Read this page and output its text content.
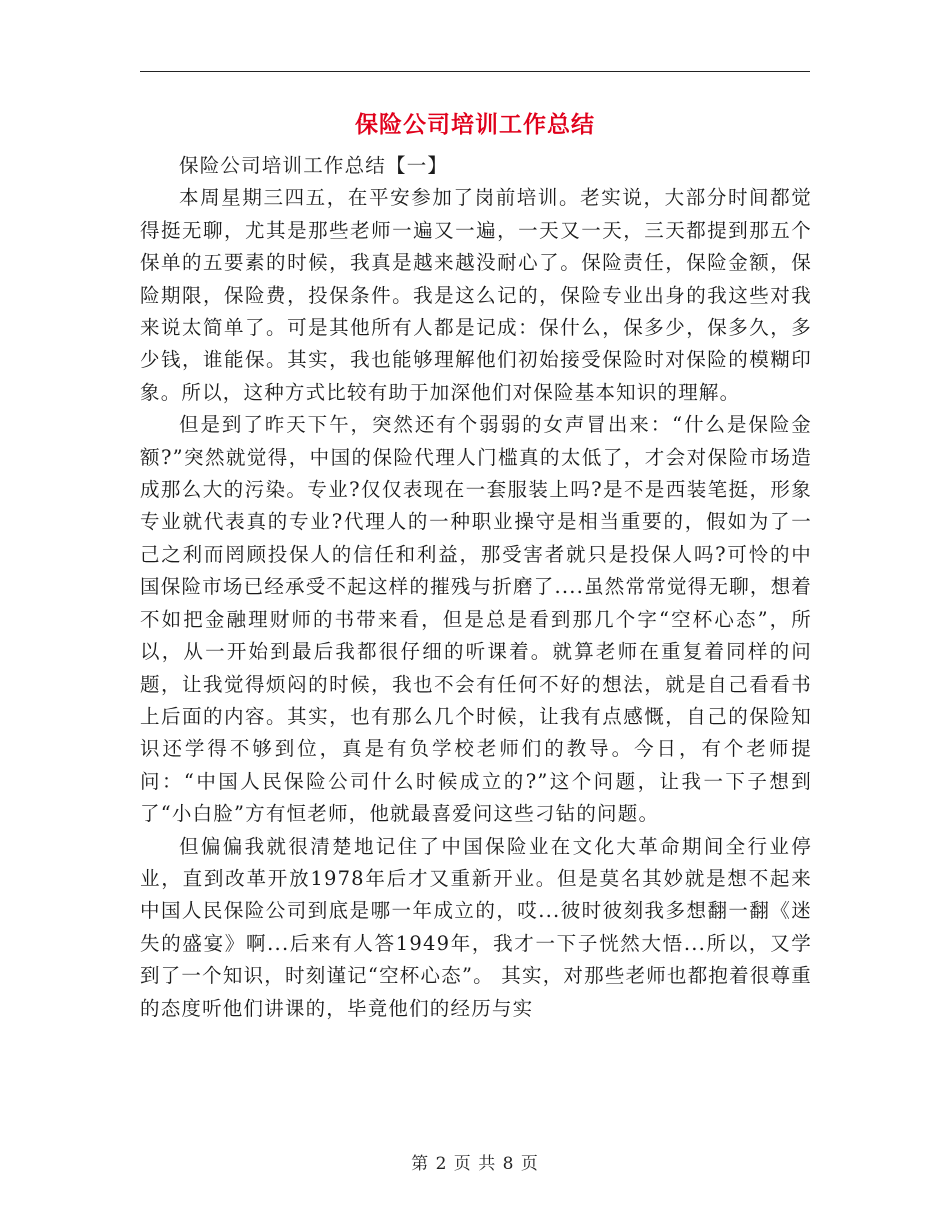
保险公司培训工作总结

保险公司培训工作总结【一】

本周星期三四五，在平安参加了岗前培训。老实说，大部分时间都觉得挺无聊，尤其是那些老师一遍又一遍，一天又一天，三天都提到那五个保单的五要素的时候，我真是越来越没耐心了。保险责任，保险金额，保险期限，保险费，投保条件。我是这么记的，保险专业出身的我这些对我来说太简单了。可是其他所有人都是记成：保什么，保多少，保多久，多少钱，谁能保。其实，我也能够理解他们初始接受保险时对保险的模糊印象。所以，这种方式比较有助于加深他们对保险基本知识的理解。

但是到了昨天下午，突然还有个弱弱的女声冒出来：“什么是保险金额?”突然就觉得，中国的保险代理人门槛真的太低了，才会对保险市场造成那么大的污染。专业?仅仅表现在一套服装上吗?是不是西装笔挺，形象专业就代表真的专业?代理人的一种职业操守是相当重要的，假如为了一己之利而罔顾投保人的信任和利益，那受害者就只是投保人吗?可怜的中国保险市场已经承受不起这样的摧残与折磨了....虽然常常觉得无聊，想着不如把金融理财师的书带来看，但是总是看到那几个字“空杯心态”，所以，从一开始到最后我都很仔细的听课着。就算老师在重复着同样的问题，让我觉得烦闷的时候，我也不会有任何不好的想法，就是自己看看书上后面的内容。其实，也有那么几个时候，让我有点感慨，自己的保险知识还学得不够到位，真是有负学校老师们的教导。今日，有个老师提问：“中国人民保险公司什么时候成立的?”这个问题，让我一下子想到了“小白脸”方有恒老师，他就最喜爱问这些刁钻的问题。

但偏偏我就很清楚地记住了中国保险业在文化大革命期间全行业停业，直到改革开放1978年后才又重新开业。但是莫名其妙就是想不起来中国人民保险公司到底是哪一年成立的，哎...彼时彼刻我多想翻一翻《迷失的盛宴》啊...后来有人答1949年，我才一下子恍然大悟...所以，又学到了一个知识，时刻谨记“空杯心态”。 其实，对那些老师也都抱着很尊重的态度听他们讲课的，毕竟他们的经历与实

第 2 页 共 8 页
